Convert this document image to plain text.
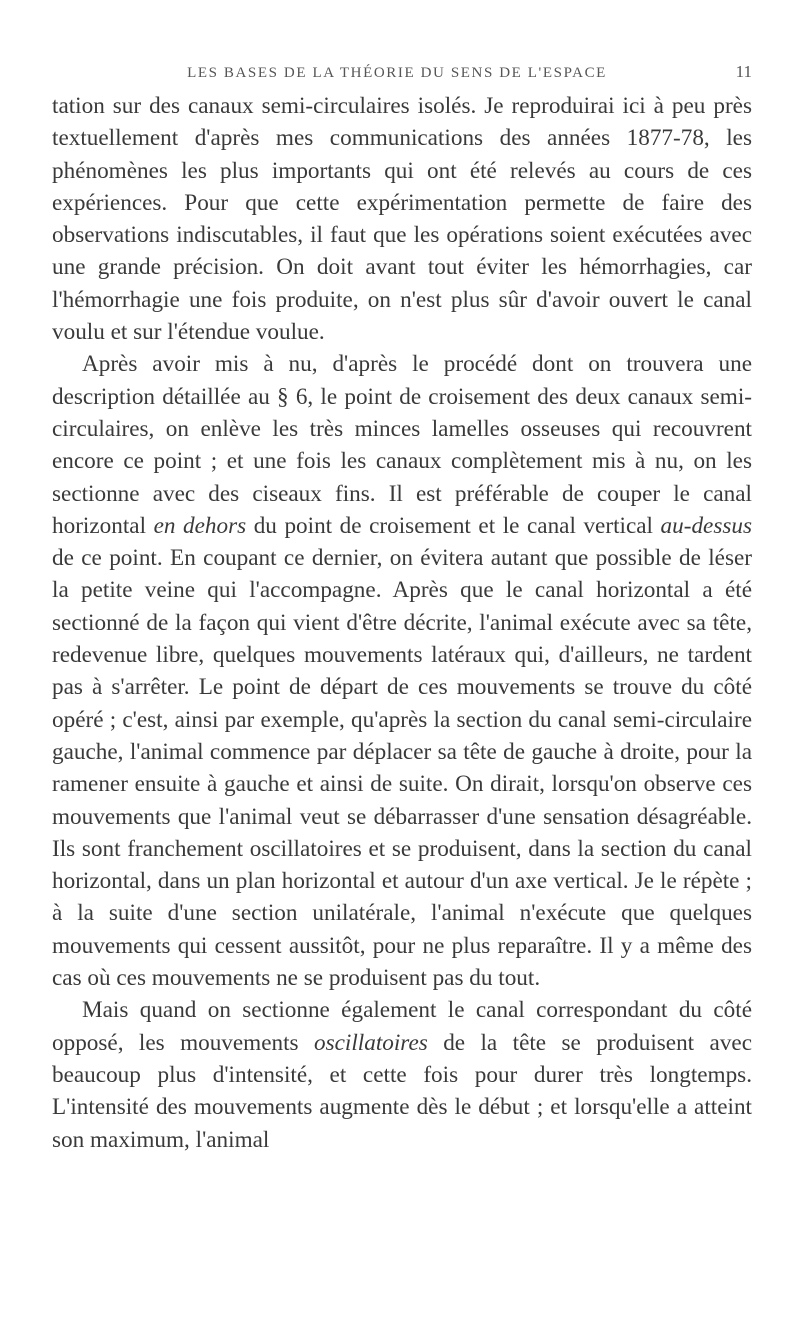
LES BASES DE LA THÉORIE DU SENS DE L'ESPACE	11

tation sur des canaux semi-circulaires isolés. Je reproduirai ici à peu près textuellement d'après mes communications des années 1877-78, les phénomènes les plus importants qui ont été relevés au cours de ces expériences. Pour que cette expérimentation permette de faire des observations indiscutables, il faut que les opérations soient exécutées avec une grande précision. On doit avant tout éviter les hémorrhagies, car l'hémorrhagie une fois produite, on n'est plus sûr d'avoir ouvert le canal voulu et sur l'étendue voulue.

Après avoir mis à nu, d'après le procédé dont on trouvera une description détaillée au § 6, le point de croisement des deux canaux semi-circulaires, on enlève les très minces lamelles osseuses qui recouvrent encore ce point ; et une fois les canaux complètement mis à nu, on les sectionne avec des ciseaux fins. Il est préférable de couper le canal horizontal en dehors du point de croisement et le canal vertical au-dessus de ce point. En coupant ce dernier, on évitera autant que possible de léser la petite veine qui l'accompagne. Après que le canal horizontal a été sectionné de la façon qui vient d'être décrite, l'animal exécute avec sa tête, redevenue libre, quelques mouvements latéraux qui, d'ailleurs, ne tardent pas à s'arrêter. Le point de départ de ces mouvements se trouve du côté opéré ; c'est, ainsi par exemple, qu'après la section du canal semi-circulaire gauche, l'animal commence par déplacer sa tête de gauche à droite, pour la ramener ensuite à gauche et ainsi de suite. On dirait, lorsqu'on observe ces mouvements que l'animal veut se débarrasser d'une sensation désagréable. Ils sont franchement oscillatoires et se produisent, dans la section du canal horizontal, dans un plan horizontal et autour d'un axe vertical. Je le répète ; à la suite d'une section unilatérale, l'animal n'exécute que quelques mouvements qui cessent aussitôt, pour ne plus reparaître. Il y a même des cas où ces mouvements ne se produisent pas du tout.

Mais quand on sectionne également le canal correspondant du côté opposé, les mouvements oscillatoires de la tête se produisent avec beaucoup plus d'intensité, et cette fois pour durer très longtemps. L'intensité des mouvements augmente dès le début ; et lorsqu'elle a atteint son maximum, l'animal
